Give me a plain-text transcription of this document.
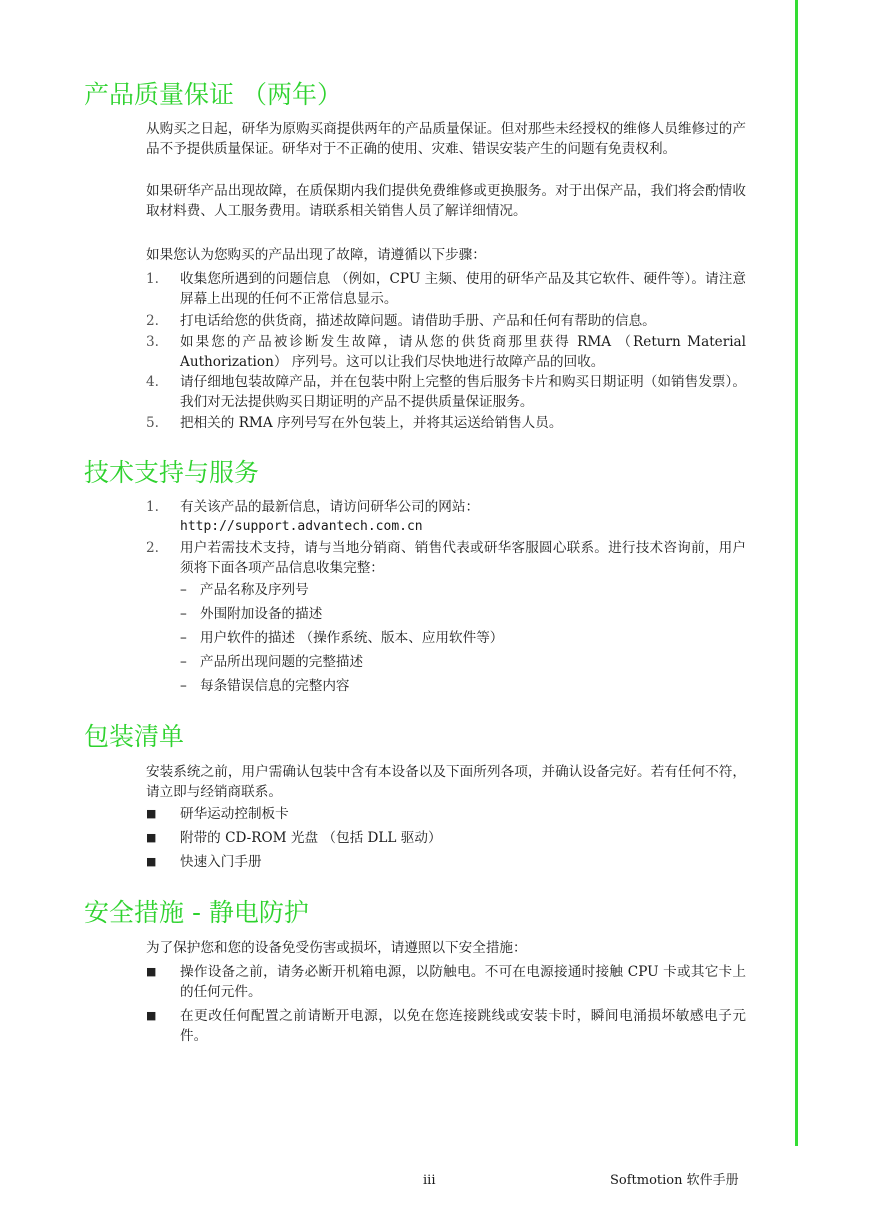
产品质量保证 （两年）
从购买之日起，研华为原购买商提供两年的产品质量保证。但对那些未经授权的维修人员维修过的产品不予提供质量保证。研华对于不正确的使用、灾难、错误安装产生的问题有免责权利。
如果研华产品出现故障，在质保期内我们提供免费维修或更换服务。对于出保产品，我们将会酌情收取材料费、人工服务费用。请联系相关销售人员了解详细情况。
如果您认为您购买的产品出现了故障，请遵循以下步骤：
1.	收集您所遇到的问题信息 （例如，CPU 主频、使用的研华产品及其它软件、硬件等）。请注意屏幕上出现的任何不正常信息显示。
2.	打电话给您的供货商，描述故障问题。请借助手册、产品和任何有帮助的信息。
3.	如果您的产品被诊断发生故障，请从您的供货商那里获得 RMA （Return Material Authorization） 序列号。这可以让我们尽快地进行故障产品的回收。
4.	请仔细地包装故障产品，并在包装中附上完整的售后服务卡片和购买日期证明（如销售发票）。我们对无法提供购买日期证明的产品不提供质量保证服务。
5.	把相关的 RMA 序列号写在外包装上，并将其运送给销售人员。
技术支持与服务
1.	有关该产品的最新信息，请访问研华公司的网站：
http://support.advantech.com.cn
2.	用户若需技术支持，请与当地分销商、销售代表或研华客服圆心联系。进行技术咨询前，用户须将下面各项产品信息收集完整：
– 产品名称及序列号
– 外围附加设备的描述
– 用户软件的描述 （操作系统、版本、应用软件等）
– 产品所出现问题的完整描述
– 每条错误信息的完整内容
包装清单
安装系统之前，用户需确认包装中含有本设备以及下面所列各项，并确认设备完好。若有任何不符，请立即与经销商联系。
■ 研华运动控制板卡
■ 附带的 CD-ROM 光盘 （包括 DLL 驱动）
■ 快速入门手册
安全措施 - 静电防护
为了保护您和您的设备免受伤害或损坏，请遵照以下安全措施：
■ 操作设备之前，请务必断开机箱电源，以防触电。不可在电源接通时接触 CPU 卡或其它卡上的任何元件。
■ 在更改任何配置之前请断开电源，以免在您连接跳线或安装卡时，瞬间电涌损坏敏感电子元件。
iii	Softmotion 软件手册
